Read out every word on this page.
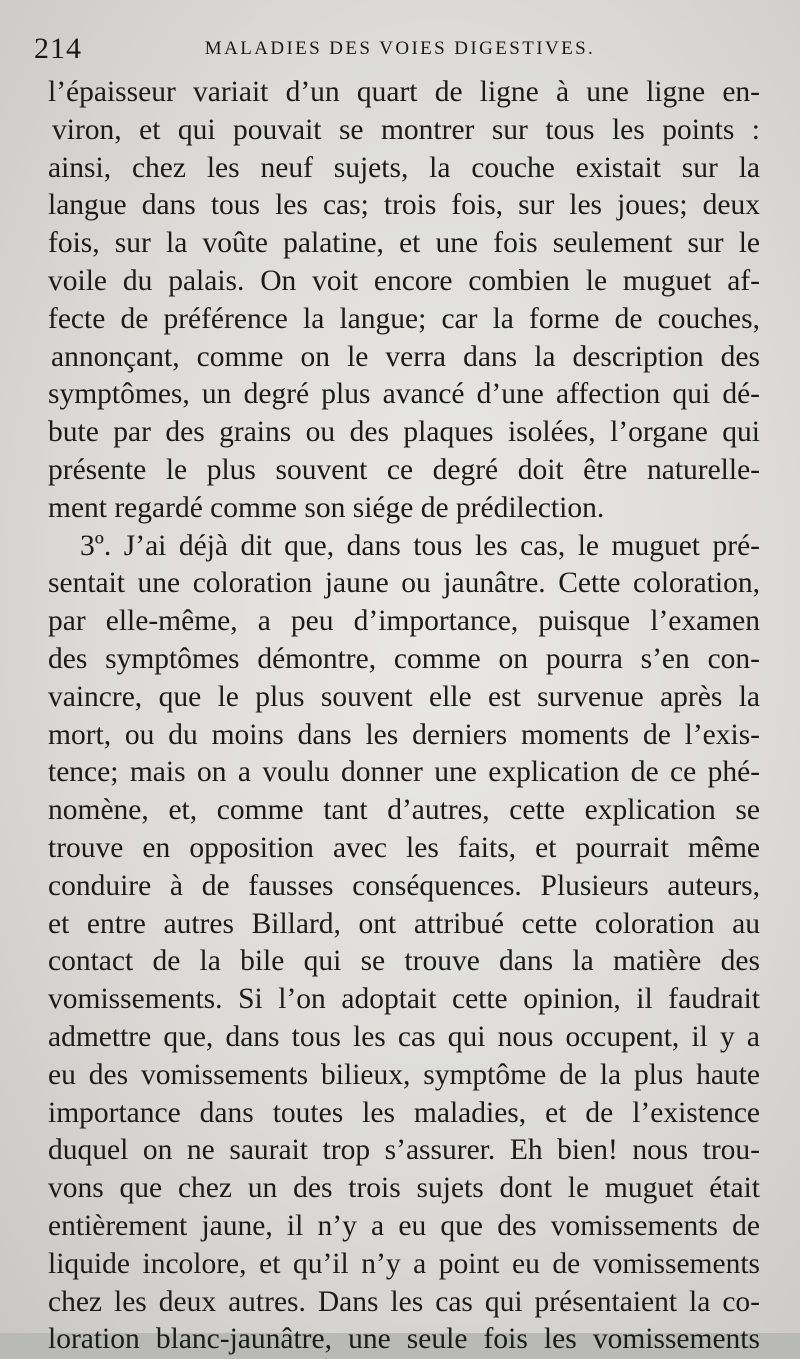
214	MALADIES DES VOIES DIGESTIVES.
l’épaisseur variait d’un quart de ligne à une ligne en-
viron, et qui pouvait se montrer sur tous les points :
ainsi, chez les neuf sujets, la couche existait sur la
langue dans tous les cas; trois fois, sur les joues; deux
fois, sur la voûte palatine, et une fois seulement sur le
voile du palais. On voit encore combien le muguet af-
fecte de préférence la langue; car la forme de couches,
annonçant, comme on le verra dans la description des
symptômes, un degré plus avancé d’une affection qui dé-
bute par des grains ou des plaques isolées, l’organe qui
présente le plus souvent ce degré doit être naturelle-
ment regardé comme son siége de prédilection.
3º. J’ai déjà dit que, dans tous les cas, le muguet pré-
sentait une coloration jaune ou jaunâtre. Cette coloration,
par elle-même, a peu d’importance, puisque l’examen
des symptômes démontre, comme on pourra s’en con-
vaincre, que le plus souvent elle est survenue après la
mort, ou du moins dans les derniers moments de l’exis-
tence; mais on a voulu donner une explication de ce phé-
nomène, et, comme tant d’autres, cette explication se
trouve en opposition avec les faits, et pourrait même
conduire à de fausses conséquences. Plusieurs auteurs,
et entre autres Billard, ont attribué cette coloration au
contact de la bile qui se trouve dans la matière des
vomissements. Si l’on adoptait cette opinion, il faudrait
admettre que, dans tous les cas qui nous occupent, il y a
eu des vomissements bilieux, symptôme de la plus haute
importance dans toutes les maladies, et de l’existence
duquel on ne saurait trop s’assurer. Eh bien! nous trou-
vons que chez un des trois sujets dont le muguet était
entièrement jaune, il n’y a eu que des vomissements de
liquide incolore, et qu’il n’y a point eu de vomissements
chez les deux autres. Dans les cas qui présentaient la co-
loration blanc-jaunâtre, une seule fois les vomissements
